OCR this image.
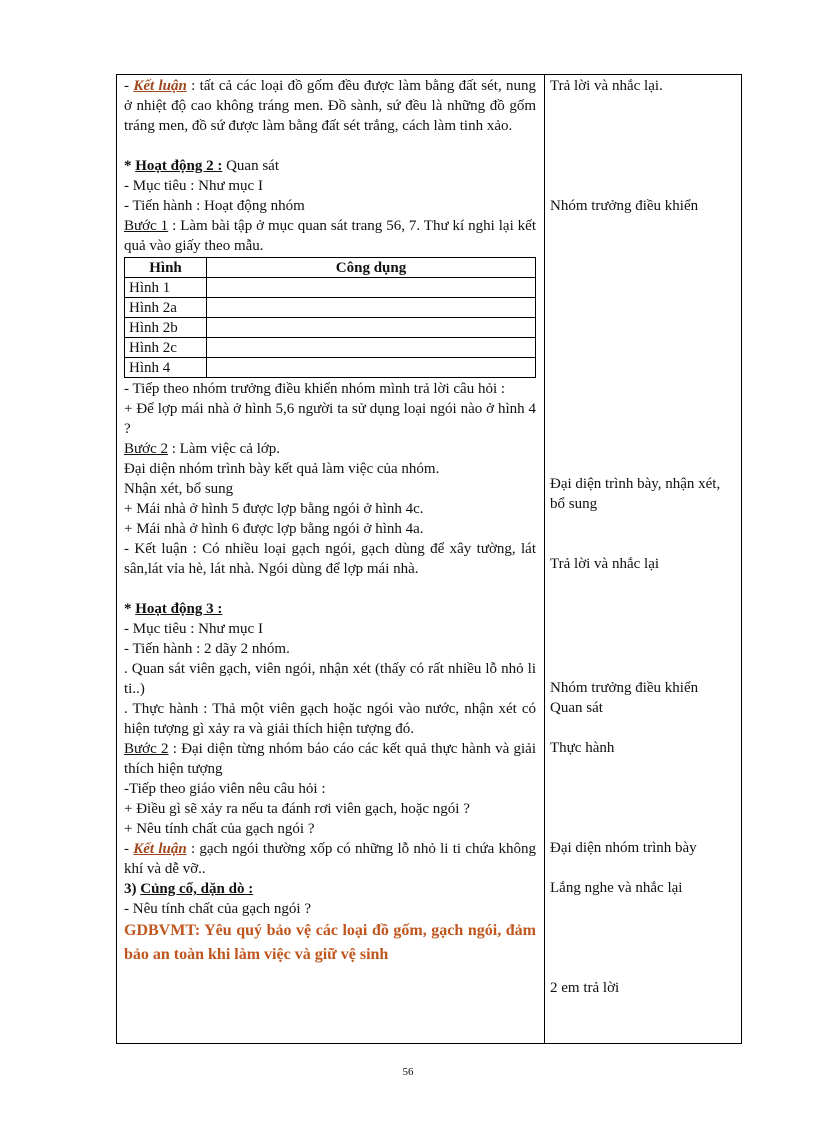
- Kết luận : tất cả các loại đồ gốm đều được làm bằng đất sét, nung ở nhiệt độ cao không tráng men. Đồ sành, sứ đều là những đồ gốm tráng men, đồ sứ được làm bằng đất sét trắng, cách làm tinh xảo.

* Hoạt động 2 : Quan sát

- Mục tiêu : Như mục I

- Tiến hành : Hoạt động nhóm

Bước 1 : Làm bài tập ở mục quan sát trang 56, 7. Thư kí nghi lại kết quả vào giấy theo mẫu.

Hình	Công dụng
Hình 1	
Hình 2a	
Hình 2b	
Hình 2c	
Hình 4	

- Tiếp theo nhóm trưởng điều khiển nhóm mình trả lời câu hỏi :

+ Để lợp mái nhà ở hình 5,6 người ta sử dụng loại ngói nào ở hình 4 ?

Bước 2 : Làm việc cả lớp.

Đại diện nhóm trình bày kết quả làm việc của nhóm.

Nhận xét, bổ sung

+ Mái nhà ở hình 5 được lợp bằng ngói ở hình 4c.

+ Mái nhà ở hình 6 được lợp bằng ngói ở hình 4a.

- Kết luận : Có nhiều loại gạch ngói, gạch dùng để xây tường, lát sân,lát vỉa hè, lát nhà. Ngói dùng để lợp mái nhà.

* Hoạt động 3 :

- Mục tiêu : Như mục I

- Tiến hành : 2 dãy 2 nhóm.

. Quan sát viên gạch, viên ngói, nhận xét (thấy có rất nhiều lỗ nhỏ li ti..)

. Thực hành : Thả một viên gạch hoặc ngói vào nước, nhận xét có hiện tượng gì xảy ra và giải thích hiện tượng đó.

Bước 2 : Đại diện từng nhóm báo cáo các kết quả thực hành và giải thích hiện tượng

-Tiếp theo giáo viên nêu câu hỏi :

+ Điều gì sẽ xảy ra nếu ta đánh rơi viên gạch, hoặc ngói ?

+ Nêu tính chất của gạch ngói ?

- Kết luận : gạch ngói thường xốp có những lỗ nhỏ li ti chứa không khí và dễ vỡ..

3) Củng cố, dặn dò :

- Nêu tính chất của gạch ngói ?

GDBVMT: Yêu quý bảo vệ các loại đồ gốm, gạch ngói, đảm bảo an toàn khi làm việc và giữ vệ sinh

Trả lời và nhắc lại.

Nhóm trưởng điều khiển

Đại diện trình bày, nhận xét, bổ sung

Trả lời và nhắc lại

Nhóm trưởng điều khiển

Quan sát

Thực hành

Đại diện nhóm trình bày

Lắng nghe và nhắc lại

2 em trả lời

56
